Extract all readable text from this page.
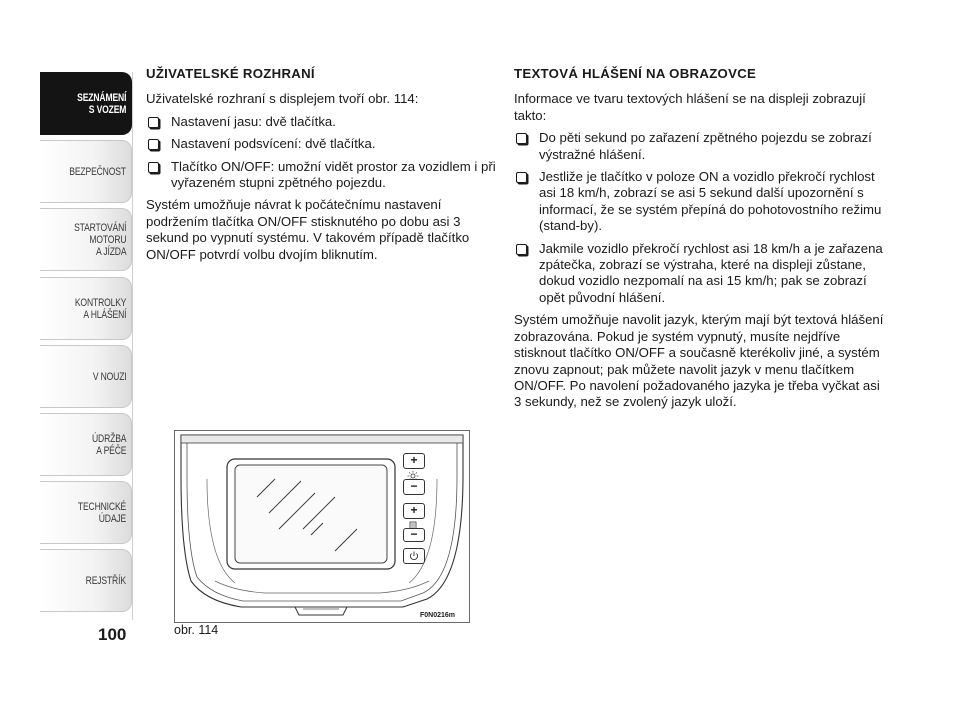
SEZNÁMENÍ
S VOZEM
BEZPEČNOST
STARTOVÁNÍ
MOTORU
A JÍZDA
KONTROLKY
A HLÁŠENÍ
V NOUZI
ÚDRŽBA
A PÉČE
TECHNICKÉ
ÚDAJE
REJSTŘÍK
100
UŽIVATELSKÉ ROZHRANÍ

Uživatelské rozhraní s displejem tvoří obr. 114:

Nastavení jasu: dvě tlačítka.
Nastavení podsvícení: dvě tlačítka.
Tlačítko ON/OFF: umožní vidět prostor za vozidlem i při vyřazeném stupni zpětného pojezdu.

Systém umožňuje návrat k počátečnímu nastavení podržením tlačítka ON/OFF stisknutého po dobu asi 3 sekund po vypnutí systému. V takovém případě tlačítko ON/OFF potvrdí volbu dvojím bliknutím.

TEXTOVÁ HLÁŠENÍ NA OBRAZOVCE

Informace ve tvaru textových hlášení se na displeji zobrazují takto:

Do pěti sekund po zařazení zpětného pojezdu se zobrazí výstražné hlášení.
Jestliže je tlačítko v poloze ON a vozidlo překročí rychlost asi 18 km/h, zobrazí se asi 5 sekund další upozornění s informací, že se systém přepíná do pohotovostního režimu (stand-by).
Jakmile vozidlo překročí rychlost asi 18 km/h a je zařazena zpátečka, zobrazí se výstraha, které na displeji zůstane, dokud vozidlo nezpomalí na asi 15 km/h; pak se zobrazí opět původní hlášení.

Systém umožňuje navolit jazyk, kterým mají být textová hlášení zobrazována. Pokud je systém vypnutý, musíte nejdříve stisknout tlačítko ON/OFF a současně kterékoliv jiné, a systém znovu zapnout; pak můžete navolit jazyk v menu tlačítkem ON/OFF. Po navolení požadovaného jazyka je třeba vyčkat asi 3 sekundy, než se zvolený jazyk uloží.

+
−
+
−
F0N0216m
obr. 114
